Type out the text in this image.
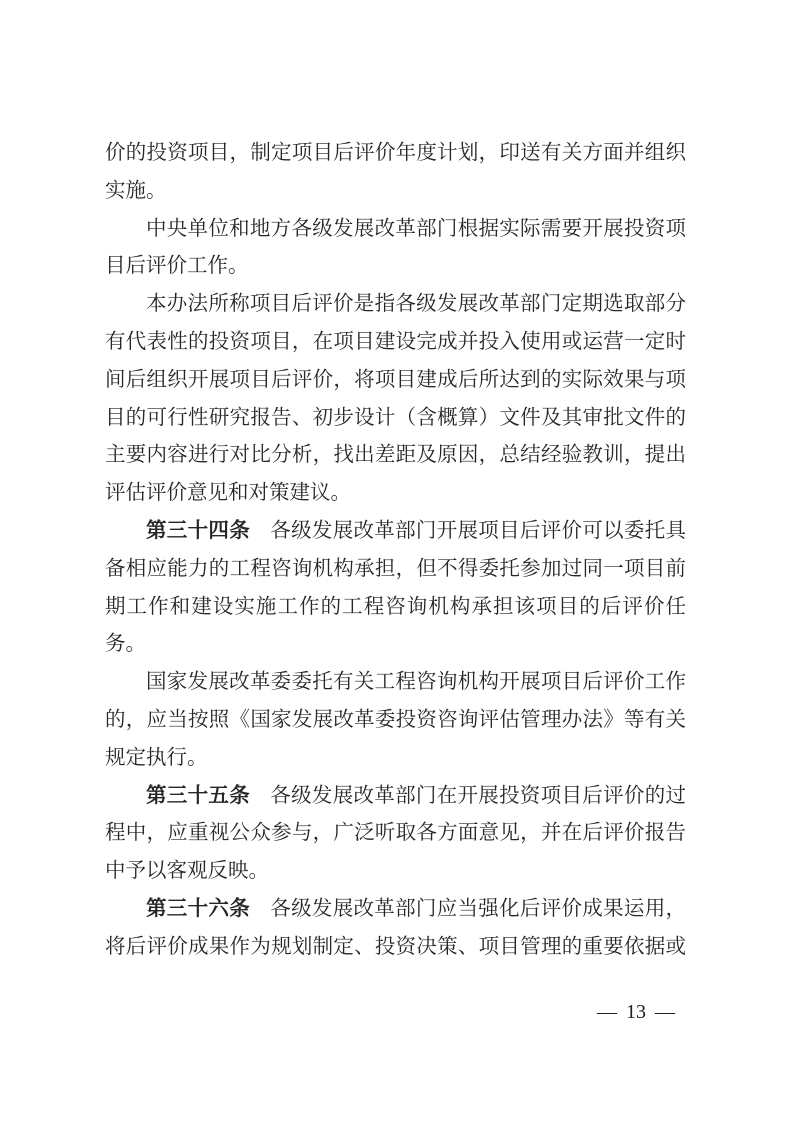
价的投资项目，制定项目后评价年度计划，印送有关方面并组织
实施。
中央单位和地方各级发展改革部门根据实际需要开展投资项
目后评价工作。
本办法所称项目后评价是指各级发展改革部门定期选取部分
有代表性的投资项目，在项目建设完成并投入使用或运营一定时
间后组织开展项目后评价，将项目建成后所达到的实际效果与项
目的可行性研究报告、初步设计（含概算）文件及其审批文件的
主要内容进行对比分析，找出差距及原因，总结经验教训，提出
评估评价意见和对策建议。
第三十四条 各级发展改革部门开展项目后评价可以委托具
备相应能力的工程咨询机构承担，但不得委托参加过同一项目前
期工作和建设实施工作的工程咨询机构承担该项目的后评价任
务。
国家发展改革委委托有关工程咨询机构开展项目后评价工作
的，应当按照《国家发展改革委投资咨询评估管理办法》等有关
规定执行。
第三十五条 各级发展改革部门在开展投资项目后评价的过
程中，应重视公众参与，广泛听取各方面意见，并在后评价报告
中予以客观反映。
第三十六条 各级发展改革部门应当强化后评价成果运用，
将后评价成果作为规划制定、投资决策、项目管理的重要依据或
— 13 —
